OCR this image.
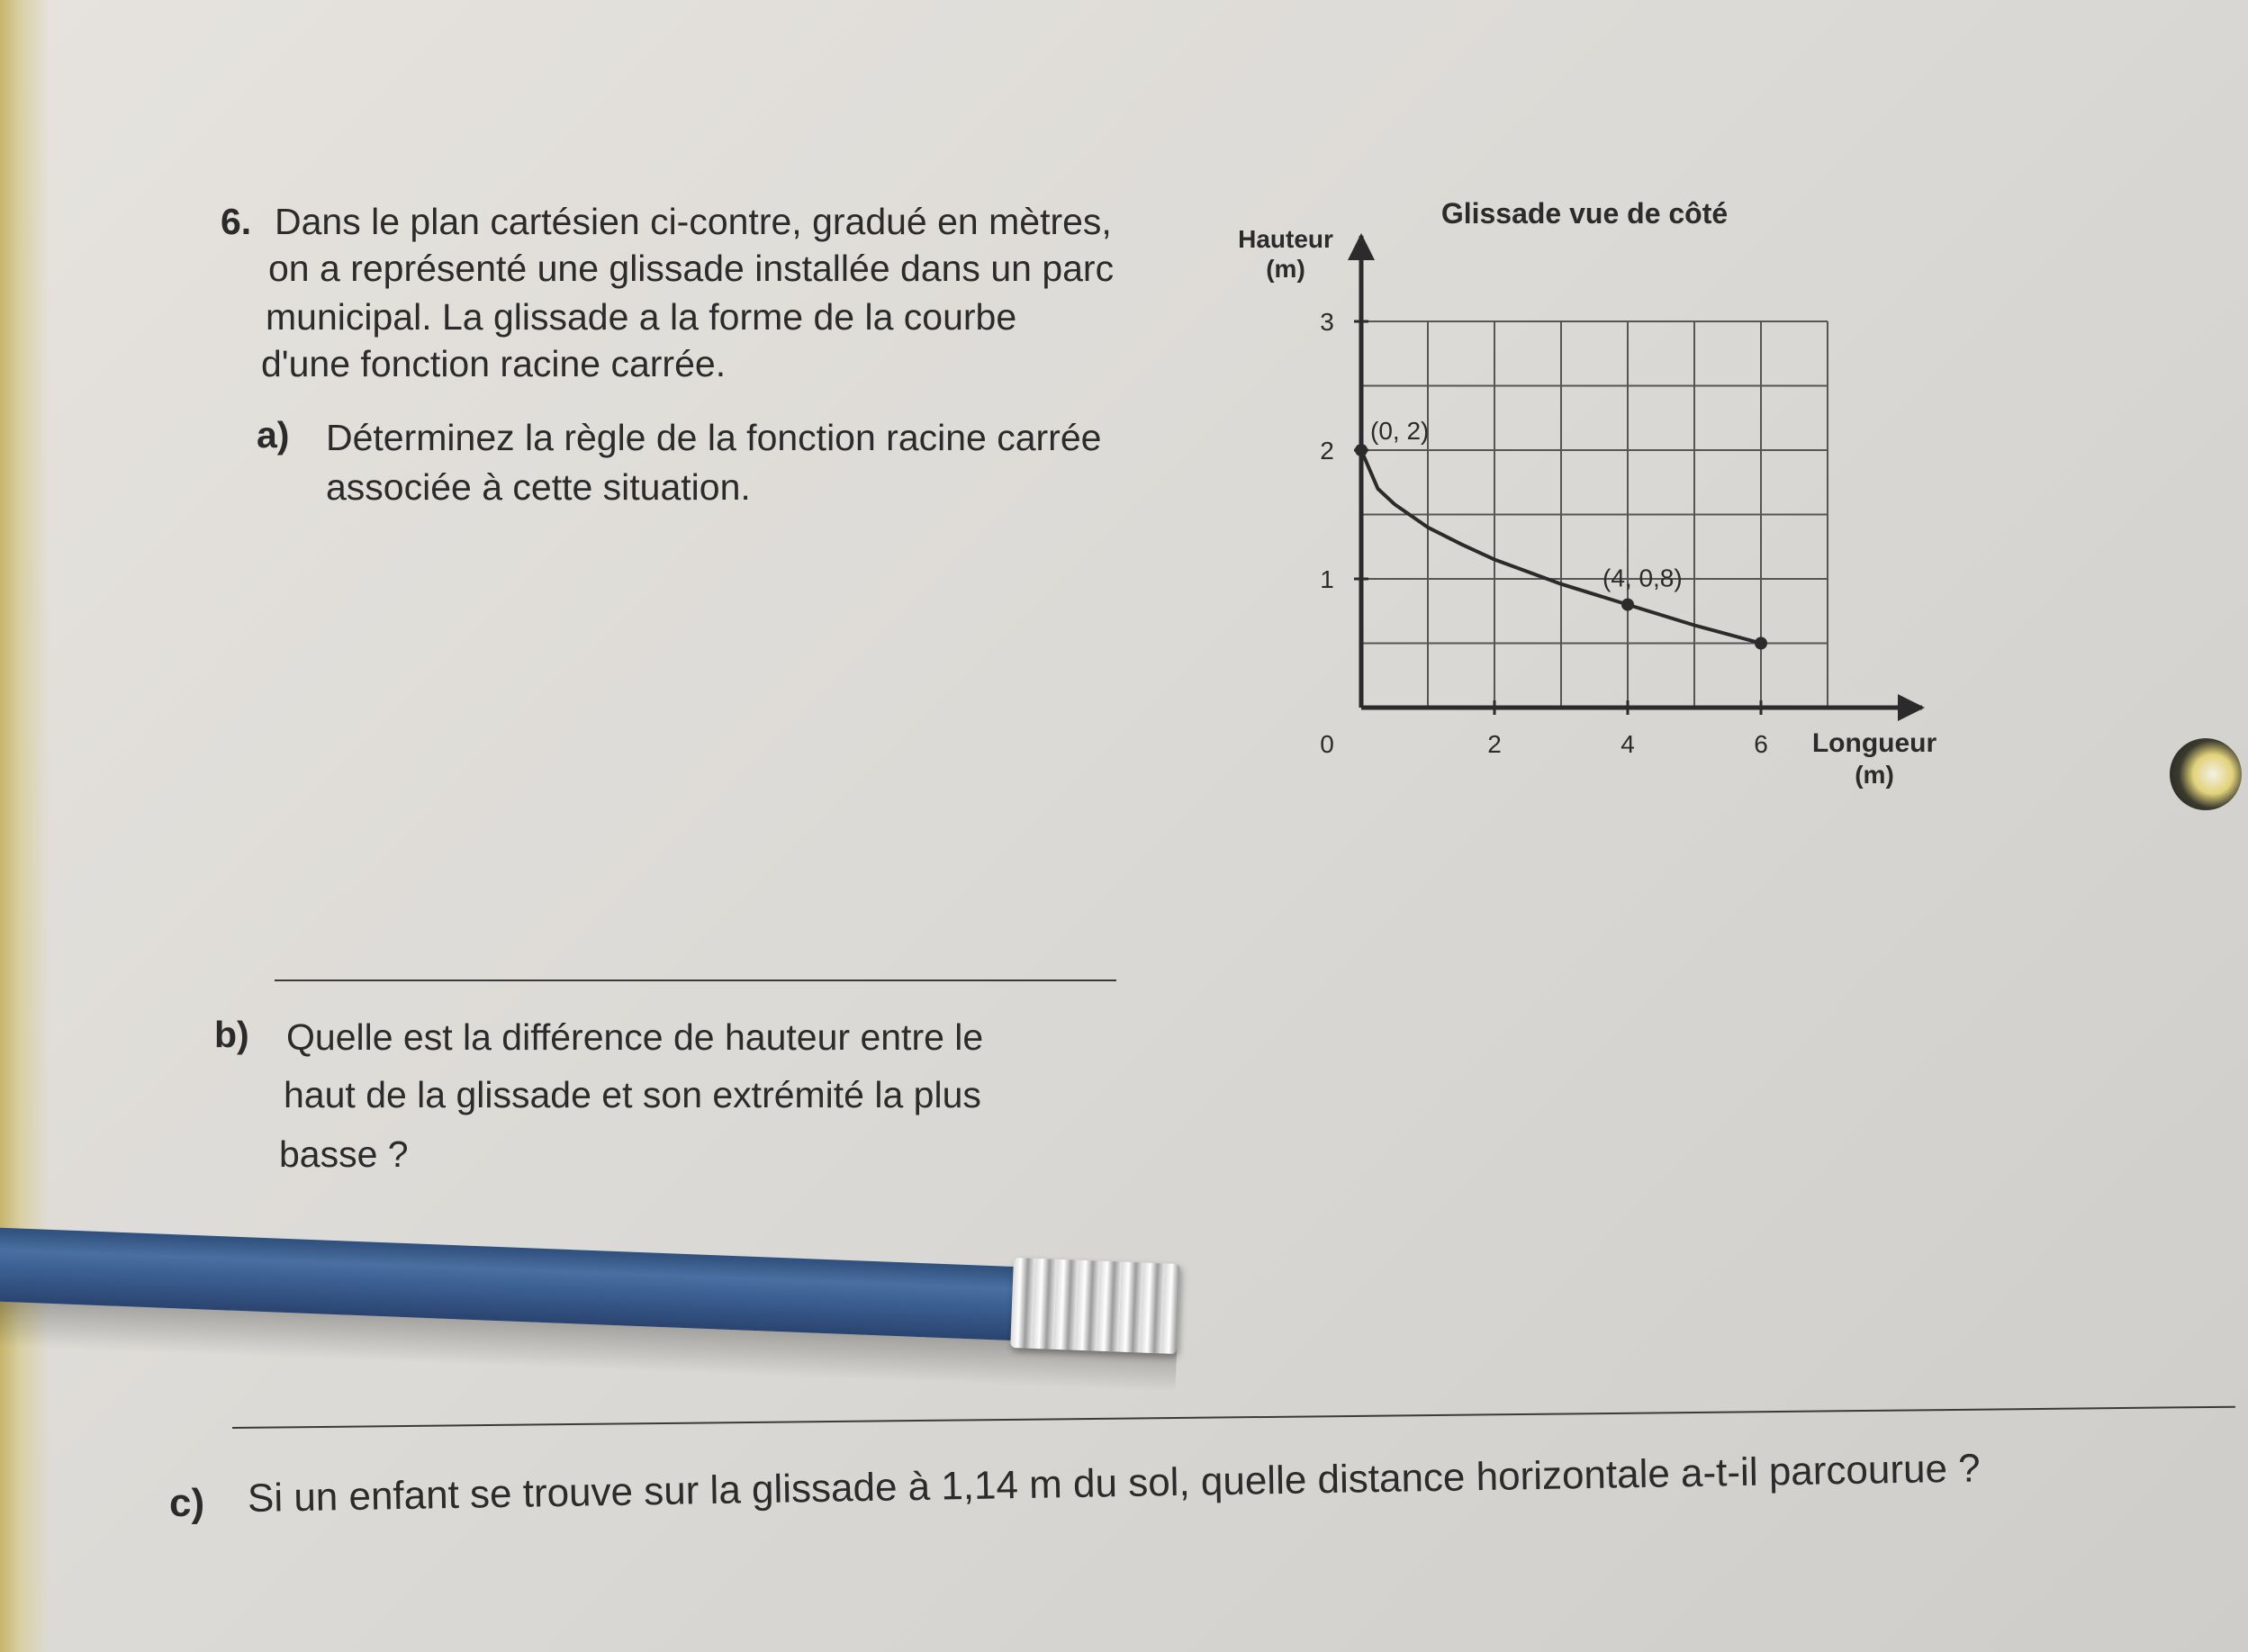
6. Dans le plan cartésien ci-contre, gradué en mètres,
on a représenté une glissade installée dans un parc
municipal. La glissade a la forme de la courbe
d'une fonction racine carrée.
a) Déterminez la règle de la fonction racine carrée
associée à cette situation.
b) Quelle est la différence de hauteur entre le
haut de la glissade et son extrémité la plus
basse ?
c) Si un enfant se trouve sur la glissade à 1,14 m du sol, quelle distance horizontale a-t-il parcourue ?
0	2	4	6
1
2
3
(0, 2)
(4, 0,8)
Glissade vue de côté
Hauteur
(m)
Longueur
(m)
